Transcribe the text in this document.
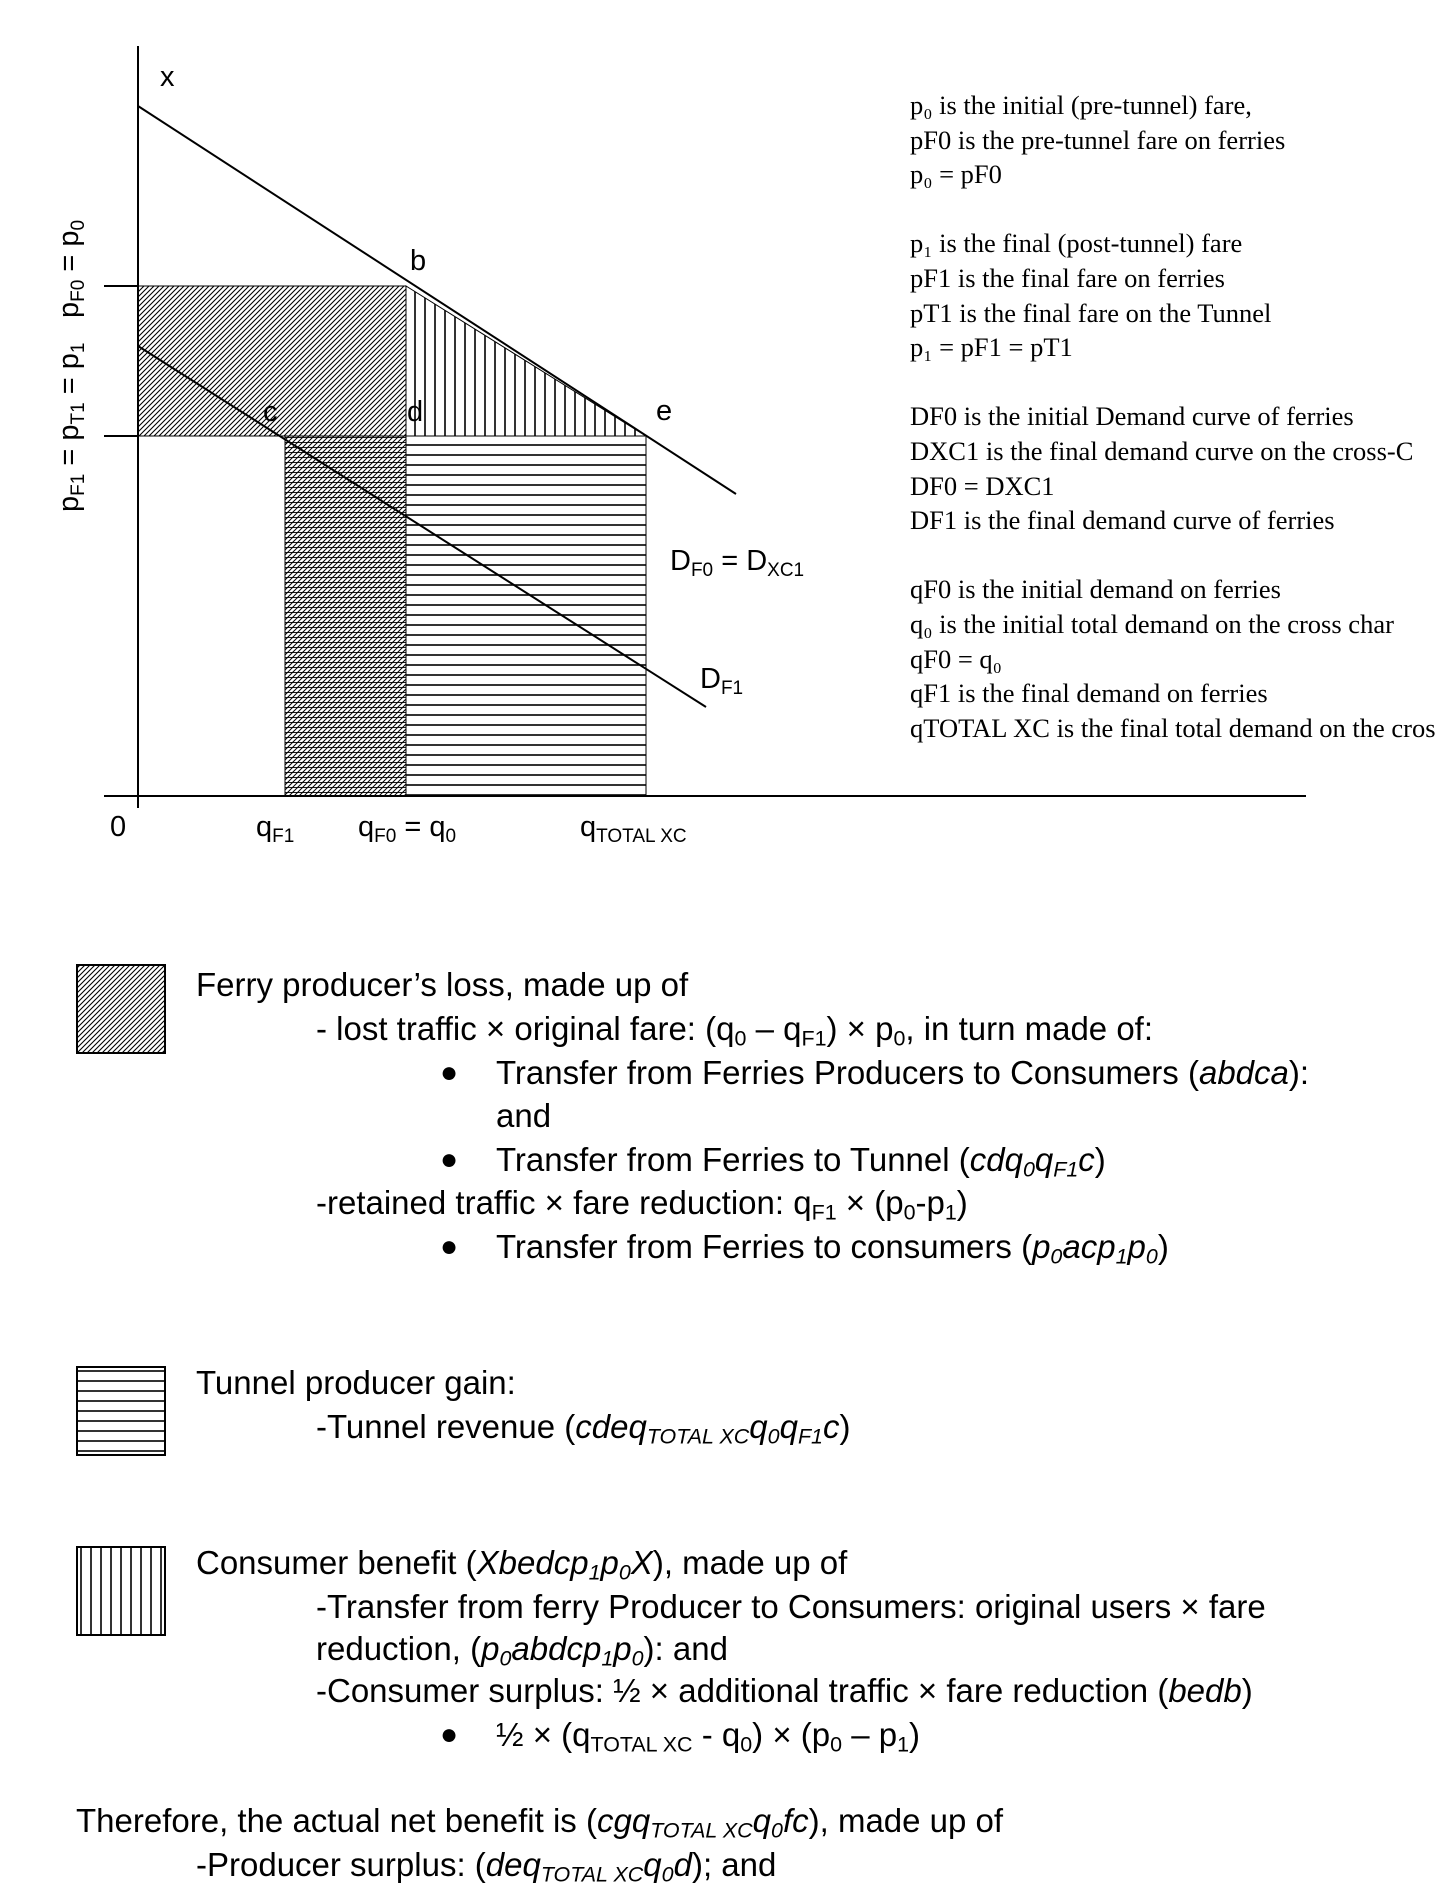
x
b
c	d	e
0
$D_{F0} = D_{XC1}$
$D_{F1}$
$q_{F1}$ $q_{F0} = q_0$	$q_{TOTAL XC}$
$p_{F1} = p_{T1} = p_1$
$p_{F0} = p_0$
p₀ is the initial (pre-tunnel) fare,
pF0 is the pre-tunnel fare on ferries
p₀ = pF0
p₁ is the final (post-tunnel) fare
pF1 is the final fare on ferries
pT1 is the final fare on the Tunnel
p₁ = pF1 = pT1
DF0 is the initial Demand curve of ferries
DXC1 is the final demand curve on the cross-C
DF0 = DXC1
DF1 is the final demand curve of ferries
qF0 is the initial demand on ferries
q₀ is the initial total demand on the cross char
qF0 = q₀
qF1 is the final demand on ferries
qTOTAL XC is the final total demand on the cros
Ferry producer’s loss, made up of
- lost traffic × original fare: $(q_0 - q_{F1}) \times p_0$, in turn made of:
● Transfer from Ferries Producers to Consumers (abdca):
and
● Transfer from Ferries to Tunnel $(cdq_0q_{F1}c)$
-retained traffic × fare reduction: $q_{F1} \times (p_0-p_1)$
● Transfer from Ferries to consumers $(p_0acp_1p_0)$
Tunnel producer gain:
-Tunnel revenue $(cdeq_{TOTAL XC}q_0q_{F1}c)$
Consumer benefit $(Xbedcp_1p_0X)$, made up of
-Transfer from ferry Producer to Consumers: original users × fare
reduction, $(p_0abdcp_1p_0)$: and
-Consumer surplus: ½ × additional traffic × fare reduction (bedb)
● ½ × $(q_{TOTAL XC} - q_0) \times (p_0 - p_1)$
Therefore, the actual net benefit is $(cgq_{TOTAL XC}q_0fc)$, made up of
-Producer surplus: $(deq_{TOTAL XC}q_0d)$; and
